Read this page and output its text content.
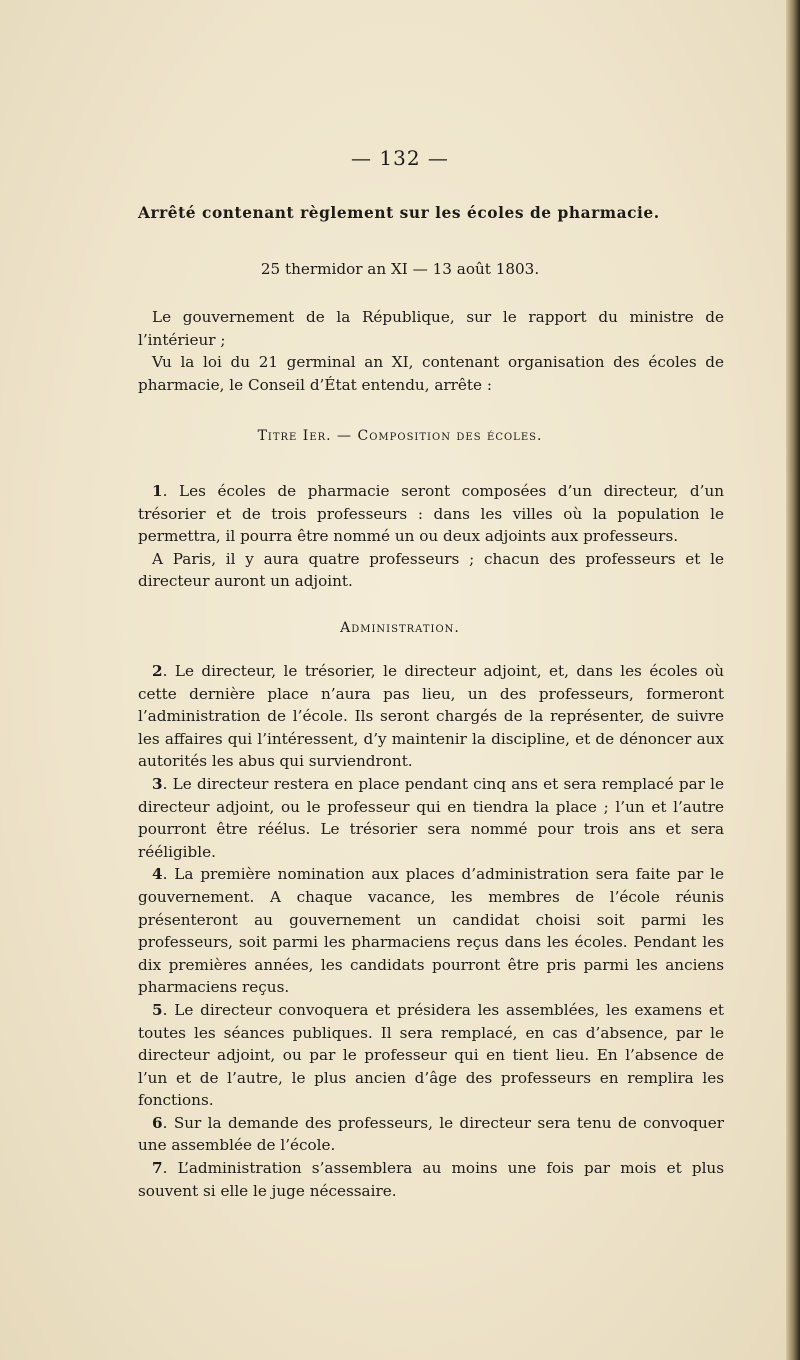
— 132 —
Arrêté contenant règlement sur les écoles de pharmacie.
25 thermidor an XI — 13 août 1803.

Le gouvernement de la République, sur le rapport du ministre de l’intérieur ;

Vu la loi du 21 germinal an XI, contenant organisation des écoles de pharmacie, le Conseil d’État entendu, arrête :

Titre Ier. — Composition des écoles.

1. Les écoles de pharmacie seront composées d’un directeur, d’un trésorier et de trois professeurs : dans les villes où la population le permettra, il pourra être nommé un ou deux adjoints aux professeurs.

A Paris, il y aura quatre professeurs ; chacun des professeurs et le directeur auront un adjoint.

Administration.

2. Le directeur, le trésorier, le directeur adjoint, et, dans les écoles où cette dernière place n’aura pas lieu, un des professeurs, formeront l’administration de l’école. Ils seront chargés de la représenter, de suivre les affaires qui l’intéressent, d’y maintenir la discipline, et de dénoncer aux autorités les abus qui surviendront.

3. Le directeur restera en place pendant cinq ans et sera remplacé par le directeur adjoint, ou le professeur qui en tiendra la place ; l’un et l’autre pourront être réélus. Le trésorier sera nommé pour trois ans et sera rééligible.

4. La première nomination aux places d’administration sera faite par le gouvernement. A chaque vacance, les membres de l’école réunis présenteront au gouvernement un candidat choisi soit parmi les professeurs, soit parmi les pharmaciens reçus dans les écoles. Pendant les dix premières années, les candidats pourront être pris parmi les anciens pharmaciens reçus.

5. Le directeur convoquera et présidera les assemblées, les examens et toutes les séances publiques. Il sera remplacé, en cas d’absence, par le directeur adjoint, ou par le professeur qui en tient lieu. En l’absence de l’un et de l’autre, le plus ancien d’âge des professeurs en remplira les fonctions.

6. Sur la demande des professeurs, le directeur sera tenu de convoquer une assemblée de l’école.

7. L’administration s’assemblera au moins une fois par mois et plus souvent si elle le juge nécessaire.
